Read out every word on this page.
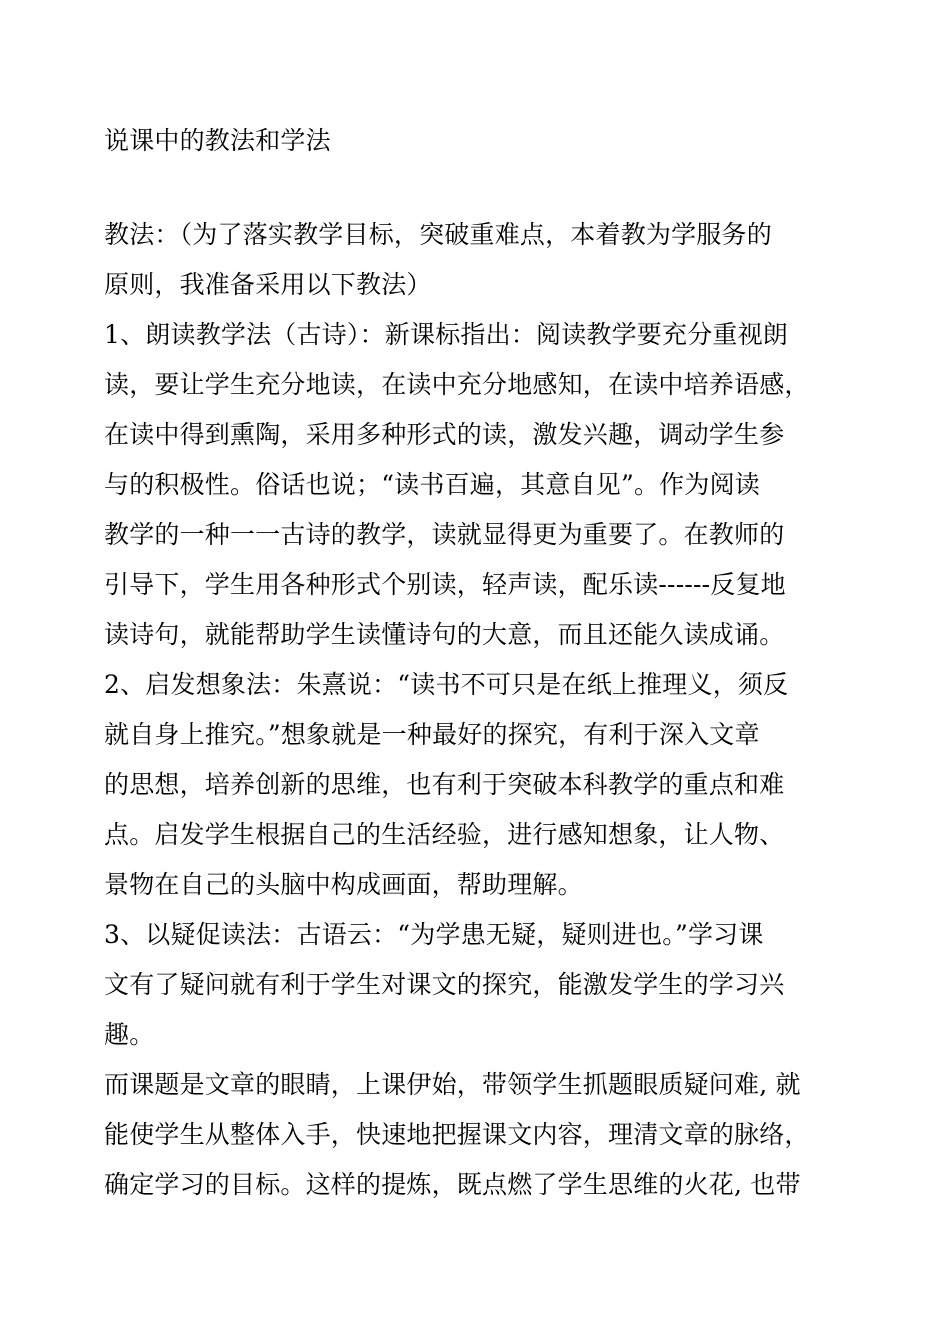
说课中的教法和学法
教法：（为了落实教学目标，突破重难点，本着教为学服务的
原则，我准备采用以下教法）
1、朗读教学法（古诗）：新课标指出：阅读教学要充分重视朗
读，要让学生充分地读，在读中充分地感知，在读中培养语感，
在读中得到熏陶，采用多种形式的读，激发兴趣，调动学生参
与的积极性。俗话也说；“读书百遍，其意自见”。作为阅读
教学的一种一一古诗的教学，读就显得更为重要了。在教师的
引导下，学生用各种形式个别读，轻声读，配乐读------反复地
读诗句，就能帮助学生读懂诗句的大意，而且还能久读成诵。
2、启发想象法：朱熹说：“读书不可只是在纸上推理义，须反
就自身上推究。”想象就是一种最好的探究，有利于深入文章
的思想，培养创新的思维，也有利于突破本科教学的重点和难
点。启发学生根据自己的生活经验，进行感知想象，让人物、
景物在自己的头脑中构成画面，帮助理解。
3、以疑促读法：古语云：“为学患无疑，疑则进也。”学习课
文有了疑问就有利于学生对课文的探究，能激发学生的学习兴
趣。
而课题是文章的眼睛，上课伊始，带领学生抓题眼质疑问难, 就
能使学生从整体入手，快速地把握课文内容，理清文章的脉络，
确定学习的目标。这样的提炼，既点燃了学生思维的火花, 也带
